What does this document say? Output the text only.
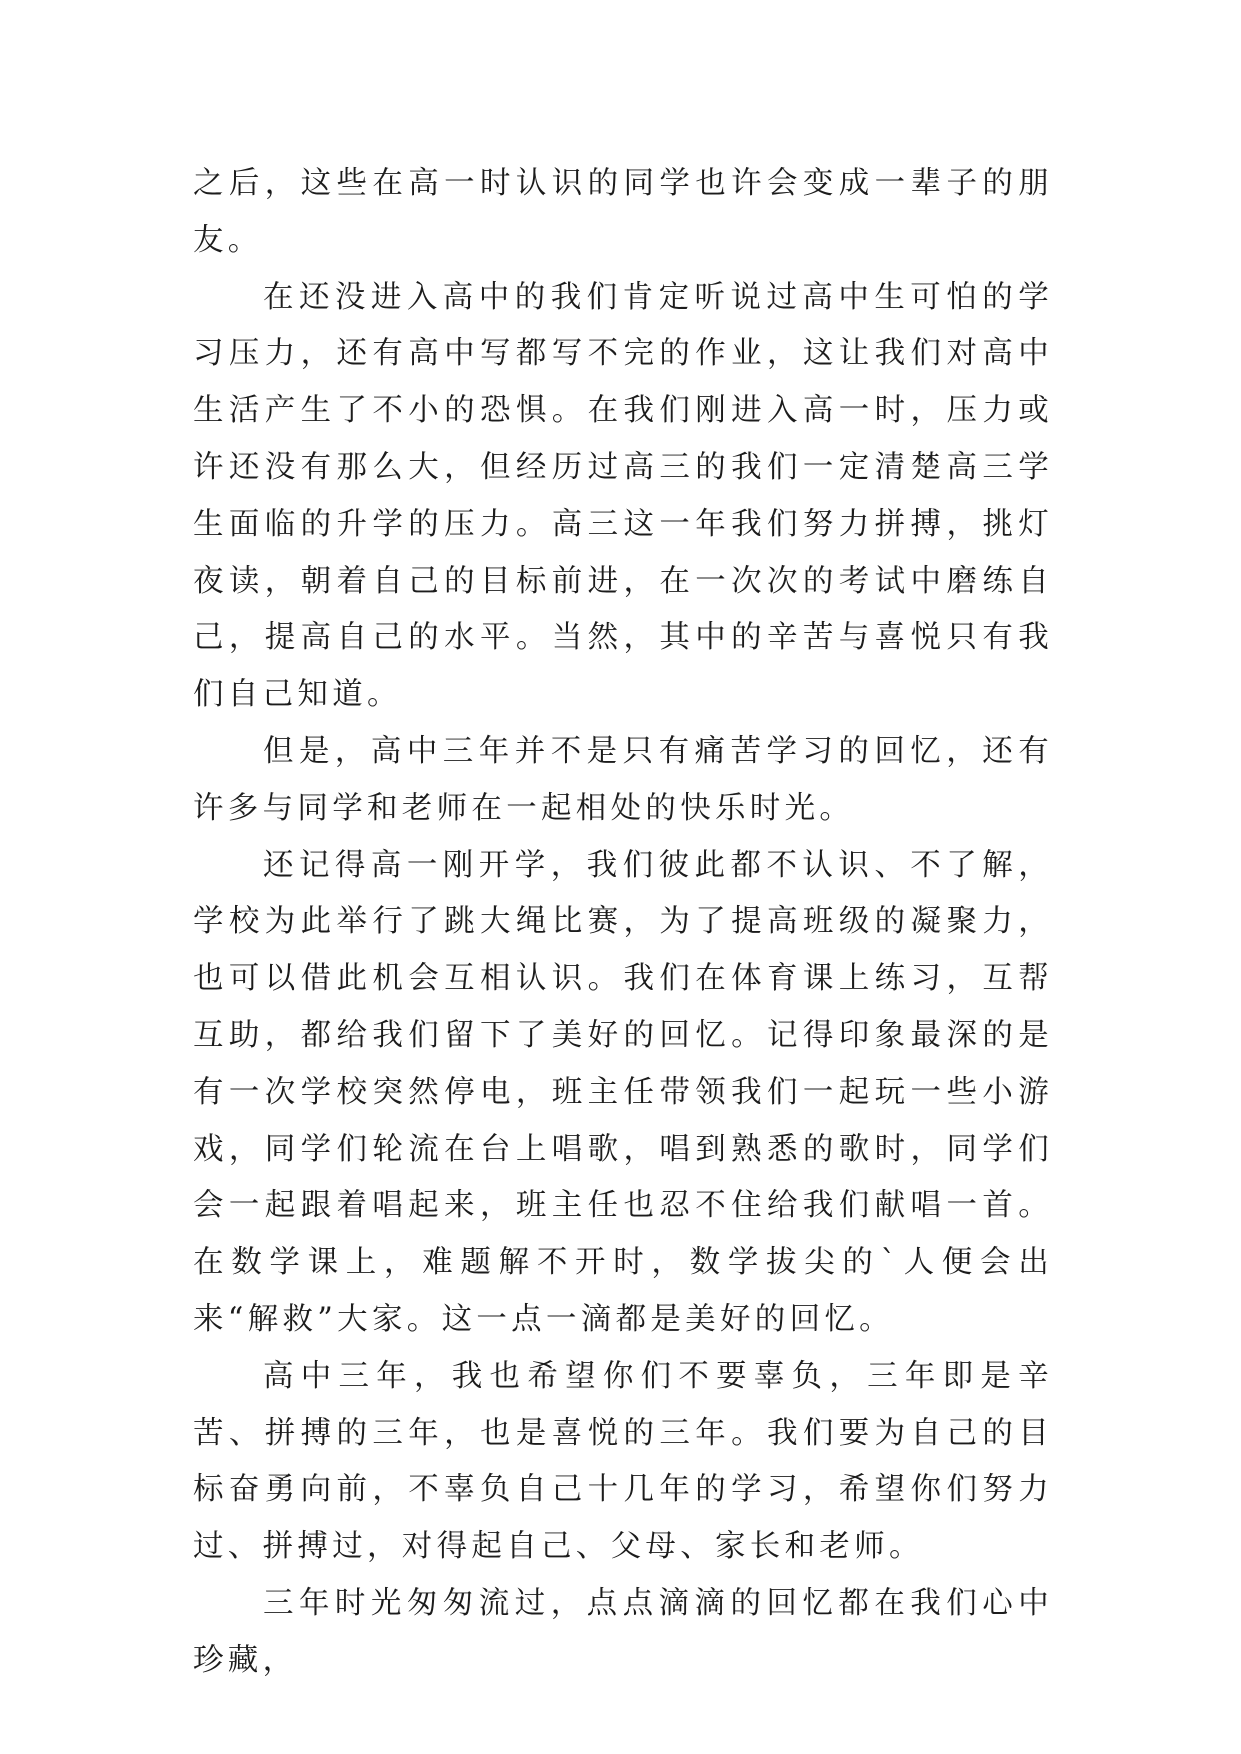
之后，这些在高一时认识的同学也许会变成一辈子的朋友。

在还没进入高中的我们肯定听说过高中生可怕的学习压力，还有高中写都写不完的作业，这让我们对高中生活产生了不小的恐惧。在我们刚进入高一时，压力或许还没有那么大，但经历过高三的我们一定清楚高三学生面临的升学的压力。高三这一年我们努力拼搏，挑灯夜读，朝着自己的目标前进，在一次次的考试中磨练自己，提高自己的水平。当然，其中的辛苦与喜悦只有我们自己知道。

但是，高中三年并不是只有痛苦学习的回忆，还有许多与同学和老师在一起相处的快乐时光。

还记得高一刚开学，我们彼此都不认识、不了解，学校为此举行了跳大绳比赛，为了提高班级的凝聚力，也可以借此机会互相认识。我们在体育课上练习，互帮互助，都给我们留下了美好的回忆。记得印象最深的是有一次学校突然停电，班主任带领我们一起玩一些小游戏，同学们轮流在台上唱歌，唱到熟悉的歌时，同学们会一起跟着唱起来，班主任也忍不住给我们献唱一首。在数学课上，难题解不开时，数学拔尖的`人便会出来“解救”大家。这一点一滴都是美好的回忆。

高中三年，我也希望你们不要辜负，三年即是辛苦、拼搏的三年，也是喜悦的三年。我们要为自己的目标奋勇向前，不辜负自己十几年的学习，希望你们努力过、拼搏过，对得起自己、父母、家长和老师。

三年时光匆匆流过，点点滴滴的回忆都在我们心中珍藏，
